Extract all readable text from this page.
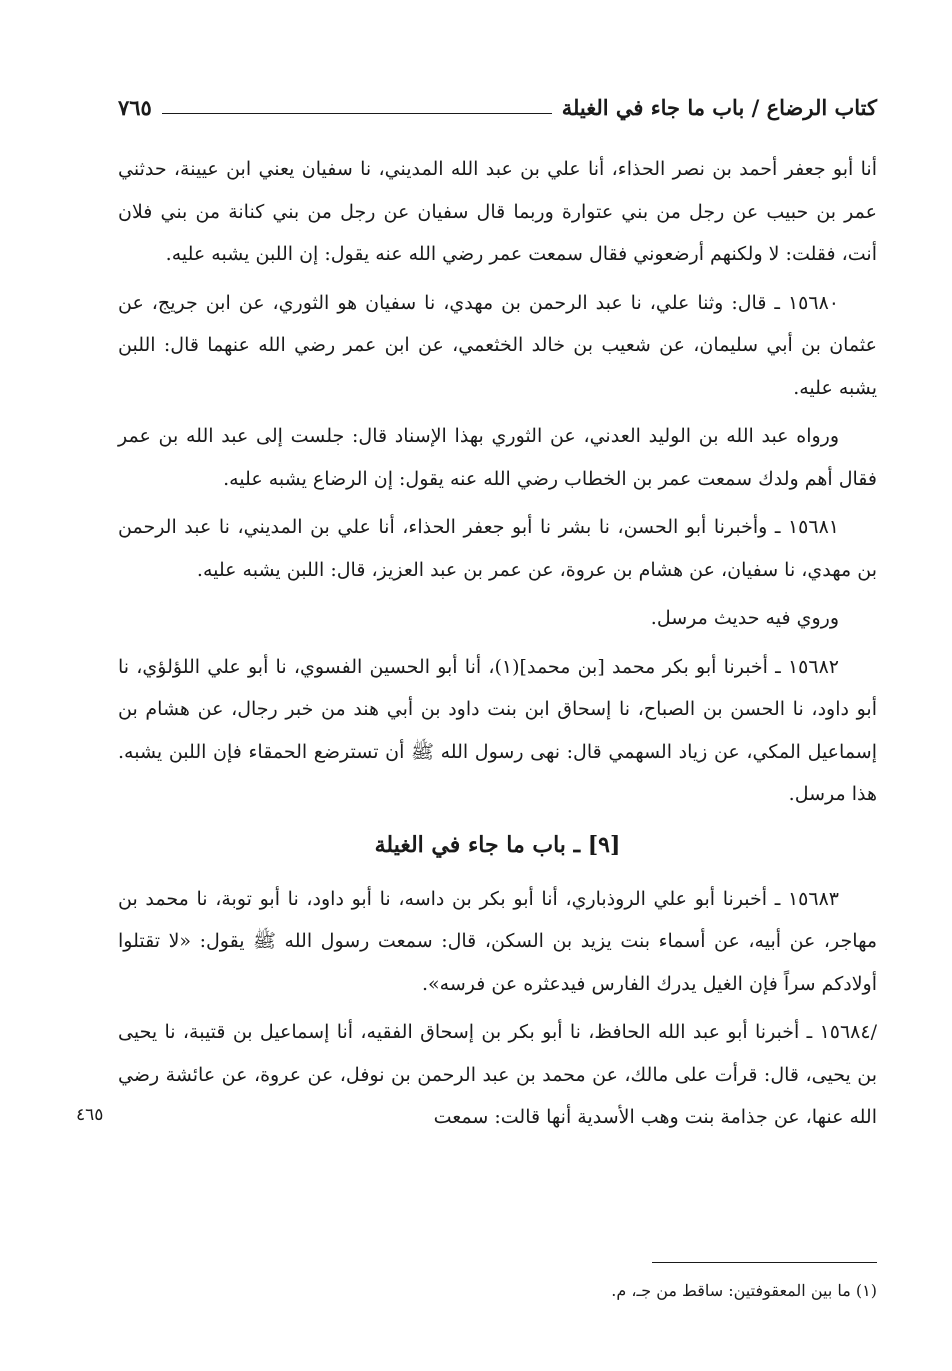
كتاب الرضاع / باب ما جاء في الغيلة
٧٦٥

أنا أبو جعفر أحمد بن نصر الحذاء، أنا علي بن عبد الله المديني، نا سفيان يعني ابن عيينة، حدثني عمر بن حبيب عن رجل من بني عتوارة وربما قال سفيان عن رجل من بني كنانة من بني فلان أنت، فقلت: لا ولكنهم أرضعوني فقال سمعت عمر رضي الله عنه يقول: إن اللبن يشبه عليه.

١٥٦٨٠ ـ قال: وثنا علي، نا عبد الرحمن بن مهدي، نا سفيان هو الثوري، عن ابن جريج، عن عثمان بن أبي سليمان، عن شعيب بن خالد الخثعمي، عن ابن عمر رضي الله عنهما قال: اللبن يشبه عليه.

ورواه عبد الله بن الوليد العدني، عن الثوري بهذا الإسناد قال: جلست إلى عبد الله بن عمر فقال أهم ولدك سمعت عمر بن الخطاب رضي الله عنه يقول: إن الرضاع يشبه عليه.

١٥٦٨١ ـ وأخبرنا أبو الحسن، نا بشر نا أبو جعفر الحذاء، أنا علي بن المديني، نا عبد الرحمن بن مهدي، نا سفيان، عن هشام بن عروة، عن عمر بن عبد العزيز، قال: اللبن يشبه عليه.

وروي فيه حديث مرسل.

١٥٦٨٢ ـ أخبرنا أبو بكر محمد [بن محمد](١)، أنا أبو الحسين الفسوي، نا أبو علي اللؤلؤي، نا أبو داود، نا الحسن بن الصباح، نا إسحاق ابن بنت داود بن أبي هند من خبر رجال، عن هشام بن إسماعيل المكي، عن زياد السهمي قال: نهى رسول الله ﷺ أن تسترضع الحمقاء فإن اللبن يشبه. هذا مرسل.

[٩] ـ باب ما جاء في الغيلة

١٥٦٨٣ ـ أخبرنا أبو علي الروذباري، أنا أبو بكر بن داسه، نا أبو داود، نا أبو توبة، نا محمد بن مهاجر، عن أبيه، عن أسماء بنت يزيد بن السكن، قال: سمعت رسول الله ﷺ يقول: «لا تقتلوا أولادكم سراً فإن الغيل يدرك الفارس فيدعثره عن فرسه».

/١٥٦٨٤ ـ أخبرنا أبو عبد الله الحافظ، نا أبو بكر بن إسحاق الفقيه، أنا إسماعيل بن قتيبة، نا يحيى بن يحيى، قال: قرأت على مالك، عن محمد بن عبد الرحمن بن نوفل، عن عروة، عن عائشة رضي الله عنها، عن جذامة بنت وهب الأسدية أنها قالت: سمعت

٤٦٥
(١) ما بين المعقوفتين: ساقط من جـ، م.
